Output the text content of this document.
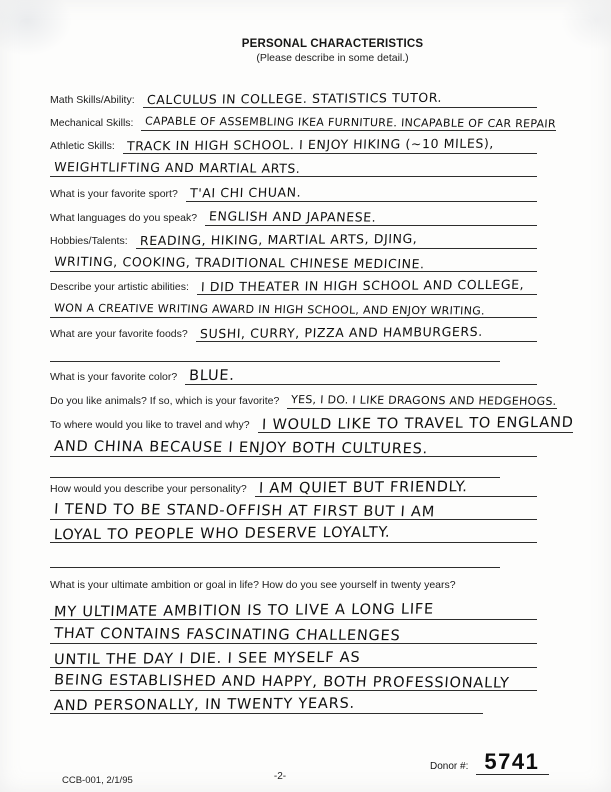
PERSONAL CHARACTERISTICS
(Please describe in some detail.)
Math Skills/Ability: CALCULUS IN COLLEGE. STATISTICS TUTOR.
Mechanical Skills:	CAPABLE OF ASSEMBLING IKEA FURNITURE. INCAPABLE OF CAR REPAIR
Athletic Skills: TRACK IN HIGH SCHOOL. I ENJOY HIKING (~10 MILES),
WEIGHTLIFTING AND MARTIAL ARTS.
What is your favorite sport? T'AI CHI CHUAN.
What languages do you speak? ENGLISH AND JAPANESE.
Hobbies/Talents: READING, HIKING, MARTIAL ARTS, DJING,
WRITING, COOKING, TRADITIONAL CHINESE MEDICINE.
Describe your artistic abilities: I DID THEATER IN HIGH SCHOOL AND COLLEGE,
WON A CREATIVE WRITING AWARD IN HIGH SCHOOL, AND ENJOY WRITING.
What are your favorite foods? SUSHI, CURRY, PIZZA AND HAMBURGERS.
What is your favorite color? BLUE.
Do you like animals? If so, which is your favorite?	YES, I DO. I LIKE DRAGONS AND HEDGEHOGS.
To where would you like to travel and why? I WOULD LIKE TO TRAVEL TO ENGLAND
AND CHINA BECAUSE I ENJOY BOTH CULTURES.
How would you describe your personality? I AM QUIET BUT FRIENDLY.
I TEND TO BE STAND-OFFISH AT FIRST BUT I AM
LOYAL TO PEOPLE WHO DESERVE LOYALTY.
What is your ultimate ambition or goal in life? How do you see yourself in twenty years?
MY ULTIMATE AMBITION IS TO LIVE A LONG LIFE
THAT CONTAINS FASCINATING CHALLENGES
UNTIL THE DAY I DIE. I SEE MYSELF AS
BEING ESTABLISHED AND HAPPY, BOTH PROFESSIONALLY
AND PERSONALLY, IN TWENTY YEARS.
CCB-001, 2/1/95	-2-
Donor #: 5741
